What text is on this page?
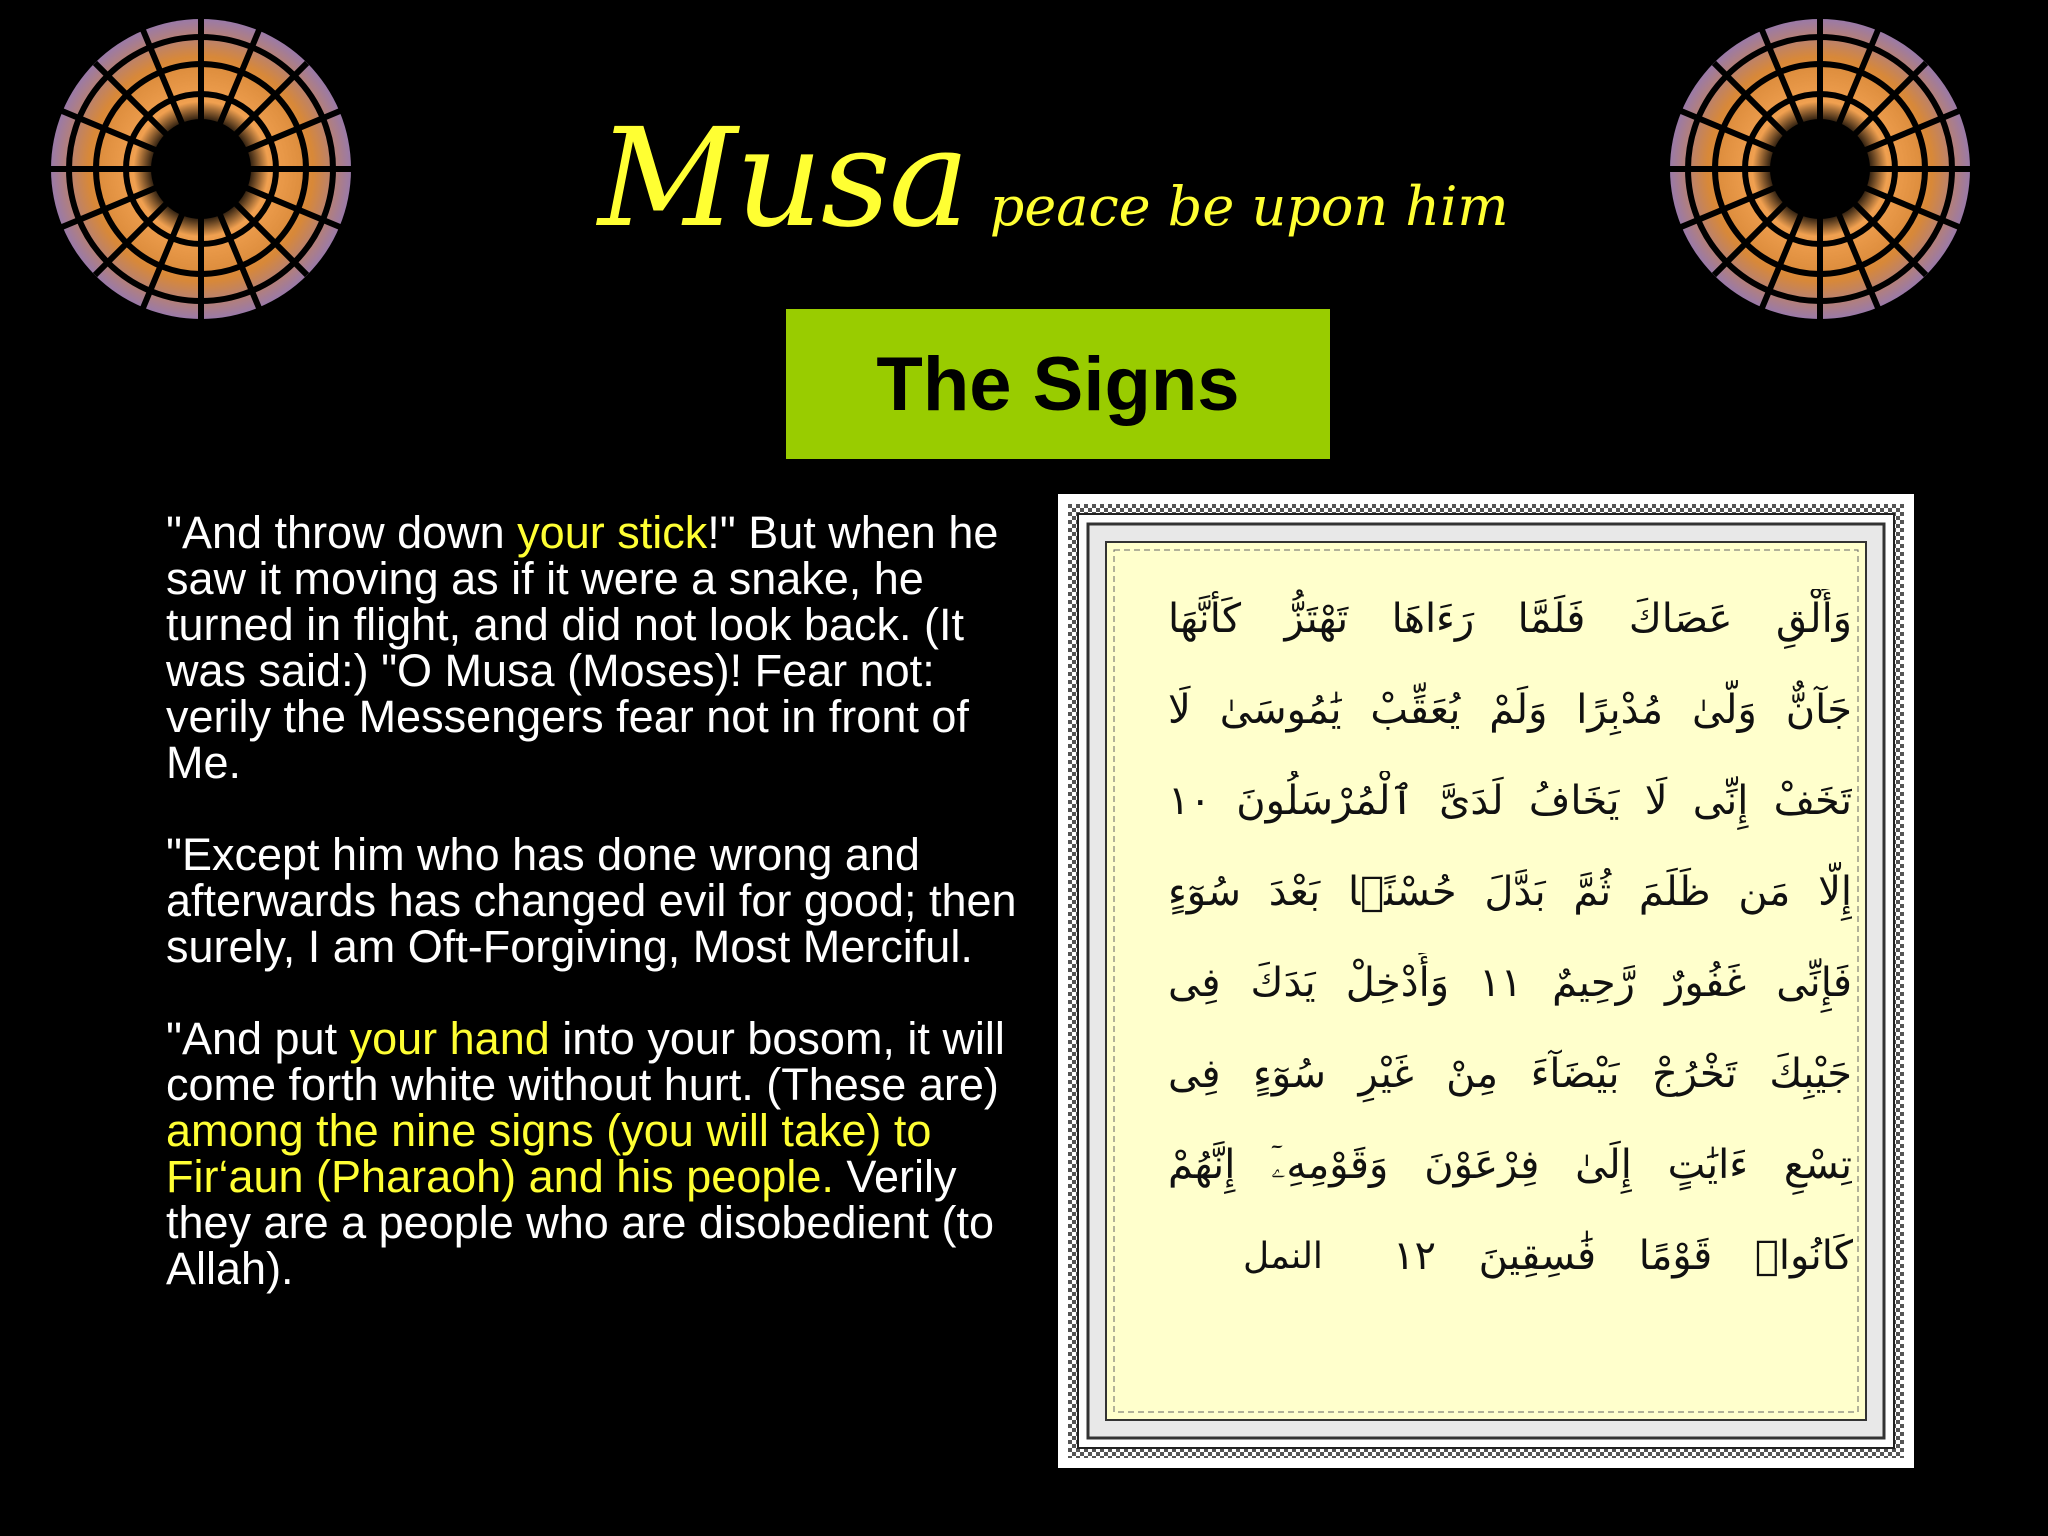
Musa peace be upon him
The Signs

"And throw down your stick!" But when he saw it moving as if it were a snake, he turned in flight, and did not look back. (It was said:) "O Musa (Moses)! Fear not: verily the Messengers fear not in front of Me.

"Except him who has done wrong and afterwards has changed evil for good; then surely, I am Oft-Forgiving, Most Merciful.

"And put your hand into your bosom, it will come forth white without hurt. (These are) among the nine signs (you will take) to Fir‘aun (Pharaoh) and his people. Verily they are a people who are disobedient (to Allah).

وَأَلْقِ عَصَاكَ فَلَمَّا رَءَاهَا تَهْتَزُّ كَأَنَّهَا
جَآنٌّ وَلَّىٰ مُدْبِرًا وَلَمْ يُعَقِّبْ يَٰمُوسَىٰ لَا
تَخَفْ إِنِّى لَا يَخَافُ لَدَىَّ ٱلْمُرْسَلُونَ ١٠
إِلَّا مَن ظَلَمَ ثُمَّ بَدَّلَ حُسْنًۢا بَعْدَ سُوٓءٍ
فَإِنِّى غَفُورٌ رَّحِيمٌ ١١ وَأَدْخِلْ يَدَكَ فِى
جَيْبِكَ تَخْرُجْ بَيْضَآءَ مِنْ غَيْرِ سُوٓءٍ فِى
تِسْعِ ءَايَٰتٍ إِلَىٰ فِرْعَوْنَ وَقَوْمِهِۦٓ إِنَّهُمْ
كَانُوا۟ قَوْمًا فَٰسِقِينَ ١٢
النمل
